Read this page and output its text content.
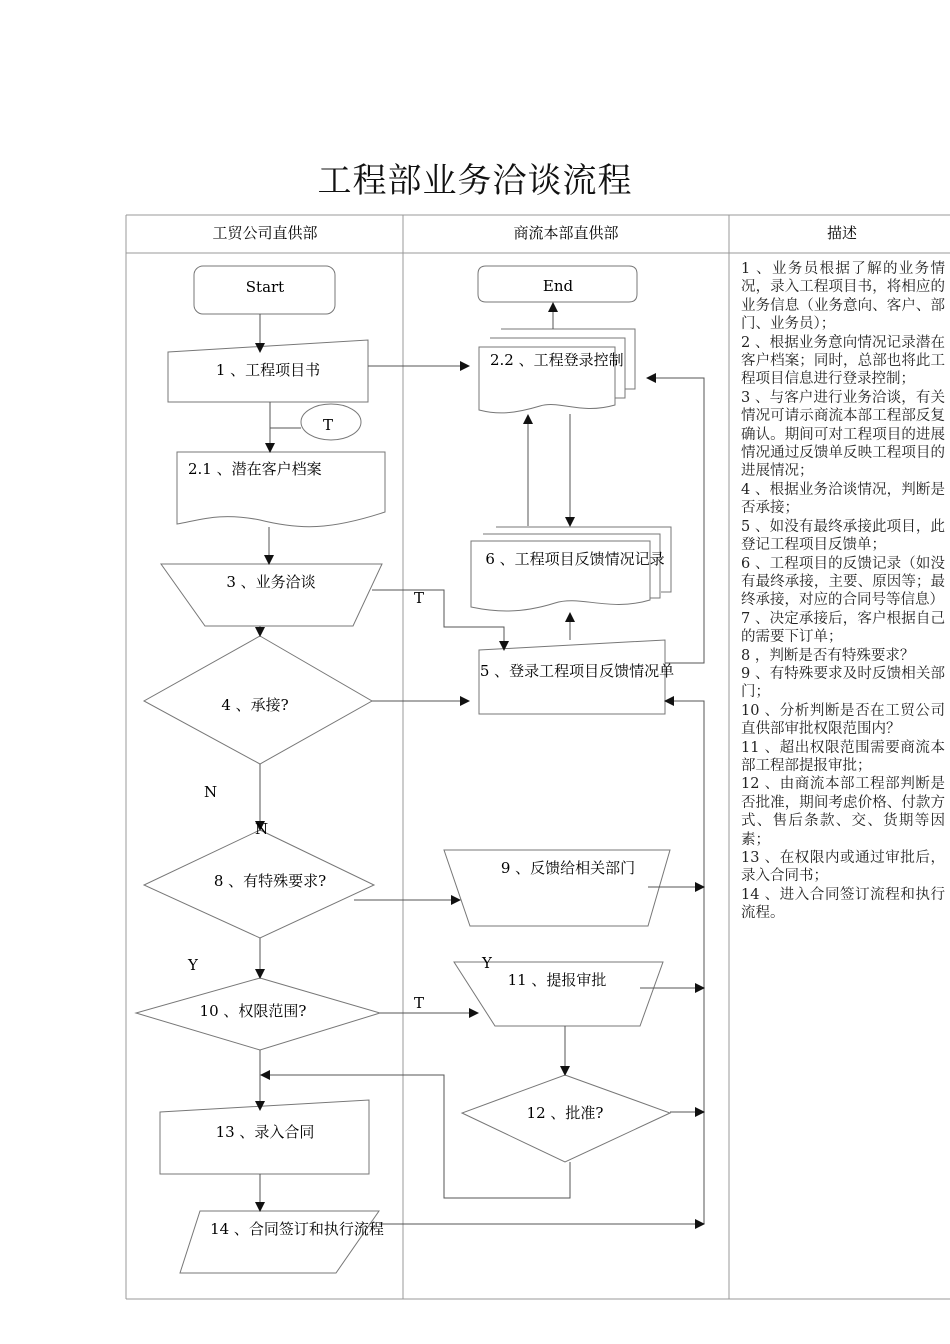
工程部业务洽谈流程
工贸公司直供部	商流本部直供部	描述
Start	End
1 、工程项目书
T
2.1 、潜在客户档案
2.2 、工程登录控制
3 、业务洽谈
6 、工程项目反馈情况记录
5 、登录工程项目反馈情况单
4 、承接?
8 、有特殊要求?
9 、反馈给相关部门
10 、权限范围?
11 、提报审批
12 、批准?
13 、录入合同
14 、合同签订和执行流程
T
N
N
Y	Y
T
1 、业务员根据了解的业务情况，录入工程项目书，将相应的业务信息（业务意向、客户、部门、业务员）；
2 、根据业务意向情况记录潜在客户档案；同时，总部也将此工程项目信息进行登录控制；
3 、与客户进行业务洽谈，有关情况可请示商流本部工程部反复确认。期间可对工程项目的进展情况通过反馈单反映工程项目的进展情况；
4 、根据业务洽谈情况，判断是否承接；
5 、如没有最终承接此项目，此登记工程项目反馈单；
6 、工程项目的反馈记录（如没有最终承接，主要、原因等；最终承接，对应的合同号等信息）
7 、决定承接后，客户根据自己的需要下订单；
8 ，判断是否有特殊要求？
9 、有特殊要求及时反馈相关部门；
10 、分析判断是否在工贸公司直供部审批权限范围内？
11 、超出权限范围需要商流本部工程部提报审批；
12 、由商流本部工程部判断是否批准，期间考虑价格、付款方式、售后条款、交、货期等因素；
13 、在权限内或通过审批后，录入合同书；
14 、进入合同签订流程和执行流程。
